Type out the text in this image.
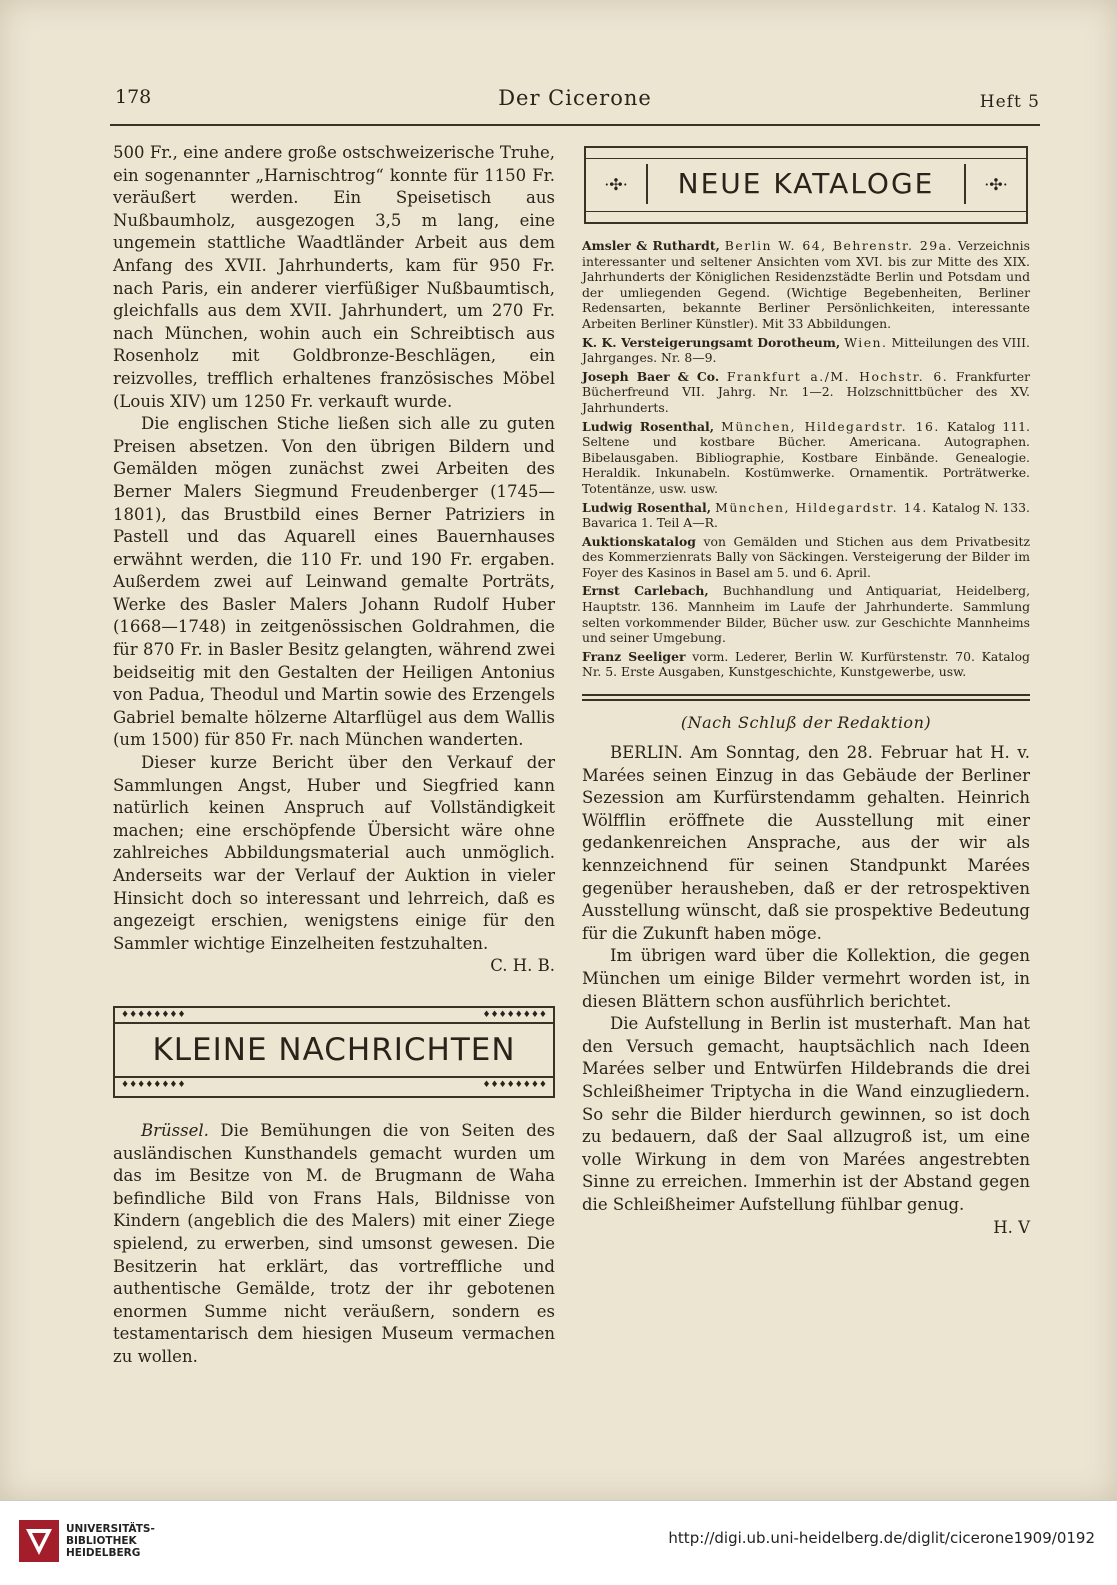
178	Der Cicerone	Heft 5

500 Fr., eine andere große ostschweizerische Truhe, ein sogenannter „Harnischtrog“ konnte für 1150 Fr. veräußert werden. Ein Speisetisch aus Nußbaumholz, ausgezogen 3,5 m lang, eine ungemein stattliche Waadtländer Arbeit aus dem Anfang des XVII. Jahrhunderts, kam für 950 Fr. nach Paris, ein anderer vierfüßiger Nußbaumtisch, gleichfalls aus dem XVII. Jahrhundert, um 270 Fr. nach München, wohin auch ein Schreibtisch aus Rosenholz mit Goldbronze-Beschlägen, ein reizvolles, trefflich erhaltenes französisches Möbel (Louis XIV) um 1250 Fr. verkauft wurde.

Die englischen Stiche ließen sich alle zu guten Preisen absetzen. Von den übrigen Bildern und Gemälden mögen zunächst zwei Arbeiten des Berner Malers Siegmund Freudenberger (1745—1801), das Brustbild eines Berner Patriziers in Pastell und das Aquarell eines Bauernhauses erwähnt werden, die 110 Fr. und 190 Fr. ergaben. Außerdem zwei auf Leinwand gemalte Porträts, Werke des Basler Malers Johann Rudolf Huber (1668—1748) in zeitgenössischen Goldrahmen, die für 870 Fr. in Basler Besitz gelangten, während zwei beidseitig mit den Gestalten der Heiligen Antonius von Padua, Theodul und Martin sowie des Erzengels Gabriel bemalte hölzerne Altarflügel aus dem Wallis (um 1500) für 850 Fr. nach München wanderten.

Dieser kurze Bericht über den Verkauf der Sammlungen Angst, Huber und Siegfried kann natürlich keinen Anspruch auf Vollständigkeit machen; eine erschöpfende Übersicht wäre ohne zahlreiches Abbildungsmaterial auch unmöglich. Anderseits war der Verlauf der Auktion in vieler Hinsicht doch so interessant und lehrreich, daß es angezeigt erschien, wenigstens einige für den Sammler wichtige Einzelheiten festzuhalten.

C. H. B.
♦♦♦♦♦♦♦♦	♦♦♦♦♦♦♦♦
KLEINE NACHRICHTEN
♦♦♦♦♦♦♦♦	♦♦♦♦♦♦♦♦

Brüssel. Die Bemühungen die von Seiten des ausländischen Kunsthandels gemacht wurden um das im Besitze von M. de Brugmann de Waha befindliche Bild von Frans Hals, Bildnisse von Kindern (angeblich die des Malers) mit einer Ziege spielend, zu erwerben, sind umsonst gewesen. Die Besitzerin hat erklärt, das vortreffliche und authentische Gemälde, trotz der ihr gebotenen enormen Summe nicht veräußern, sondern es testamentarisch dem hiesigen Museum vermachen zu wollen.

·✣·	NEUE KATALOGE	·✣·
Amsler & Ruthardt, Berlin W. 64, Behrenstr. 29a. Verzeichnis interessanter und seltener Ansichten vom XVI. bis zur Mitte des XIX. Jahrhunderts der Königlichen Residenzstädte Berlin und Potsdam und der umliegenden Gegend. (Wichtige Begebenheiten, Berliner Redensarten, bekannte Berliner Persönlichkeiten, interessante Arbeiten Berliner Künstler). Mit 33 Abbildungen.
K. K. Versteigerungsamt Dorotheum, Wien. Mitteilungen des VIII. Jahrganges. Nr. 8—9.
Joseph Baer & Co. Frankfurt a./M. Hochstr. 6. Frankfurter Bücherfreund VII. Jahrg. Nr. 1—2. Holzschnittbücher des XV. Jahrhunderts.
Ludwig Rosenthal, München, Hildegardstr. 16. Katalog 111. Seltene und kostbare Bücher. Americana. Autographen. Bibelausgaben. Bibliographie, Kostbare Einbände. Genealogie. Heraldik. Inkunabeln. Kostümwerke. Ornamentik. Porträtwerke. Totentänze, usw. usw.
Ludwig Rosenthal, München, Hildegardstr. 14. Katalog N. 133. Bavarica 1. Teil A—R.
Auktionskatalog von Gemälden und Stichen aus dem Privatbesitz des Kommerzienrats Bally von Säckingen. Versteigerung der Bilder im Foyer des Kasinos in Basel am 5. und 6. April.
Ernst Carlebach, Buchhandlung und Antiquariat, Heidelberg, Hauptstr. 136. Mannheim im Laufe der Jahrhunderte. Sammlung selten vorkommender Bilder, Bücher usw. zur Geschichte Mannheims und seiner Umgebung.
Franz Seeliger vorm. Lederer, Berlin W. Kurfürstenstr. 70. Katalog Nr. 5. Erste Ausgaben, Kunstgeschichte, Kunstgewerbe, usw.
(Nach Schluß der Redaktion)

BERLIN. Am Sonntag, den 28. Februar hat H. v. Marées seinen Einzug in das Gebäude der Berliner Sezession am Kurfürstendamm gehalten. Heinrich Wölfflin eröffnete die Ausstellung mit einer gedankenreichen Ansprache, aus der wir als kennzeichnend für seinen Standpunkt Marées gegenüber herausheben, daß er der retrospektiven Ausstellung wünscht, daß sie prospektive Bedeutung für die Zukunft haben möge.

Im übrigen ward über die Kollektion, die gegen München um einige Bilder vermehrt worden ist, in diesen Blättern schon ausführlich berichtet.

Die Aufstellung in Berlin ist musterhaft. Man hat den Versuch gemacht, hauptsächlich nach Ideen Marées selber und Entwürfen Hildebrands die drei Schleißheimer Triptycha in die Wand einzugliedern. So sehr die Bilder hierdurch gewinnen, so ist doch zu bedauern, daß der Saal allzugroß ist, um eine volle Wirkung in dem von Marées angestrebten Sinne zu erreichen. Immerhin ist der Abstand gegen die Schleißheimer Aufstellung fühlbar genug.

H. V
UNIVERSITÄTS-
BIBLIOTHEK
HEIDELBERG
http://digi.ub.uni-heidelberg.de/diglit/cicerone1909/0192
